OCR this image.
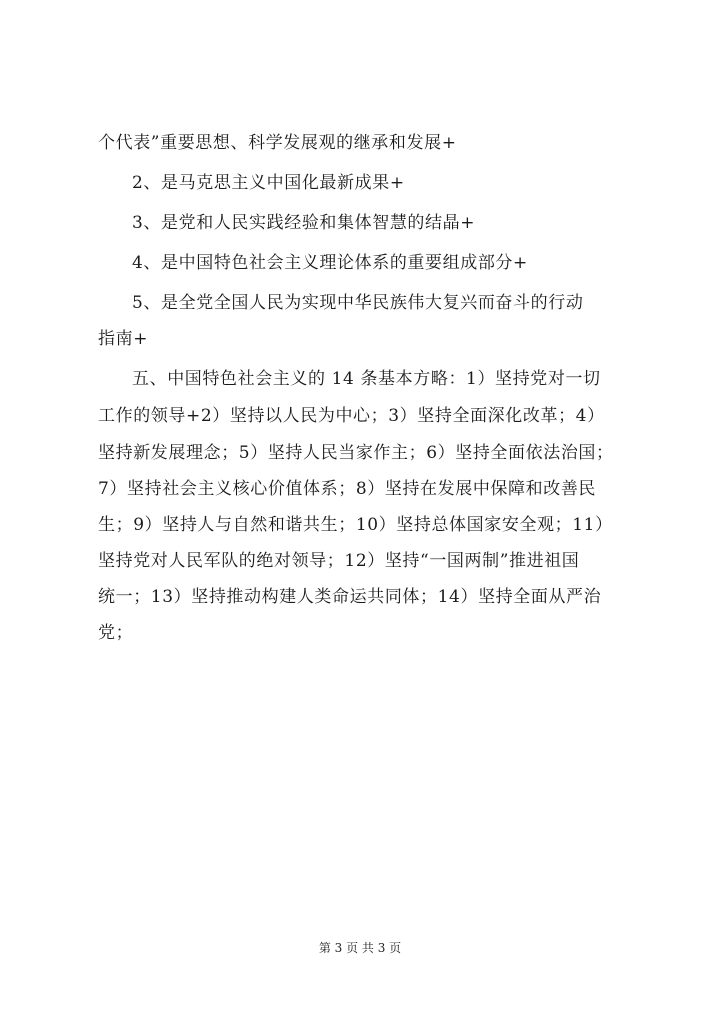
个代表”重要思想、科学发展观的继承和发展+
2、是马克思主义中国化最新成果+
3、是党和人民实践经验和集体智慧的结晶+
4、是中国特色社会主义理论体系的重要组成部分+
5、是全党全国人民为实现中华民族伟大复兴而奋斗的行动
指南+
五、中国特色社会主义的 14 条基本方略：1）坚持党对一切
工作的领导+2）坚持以人民为中心；3）坚持全面深化改革；4）
坚持新发展理念；5）坚持人民当家作主；6）坚持全面依法治国；
7）坚持社会主义核心价值体系；8）坚持在发展中保障和改善民
生；9）坚持人与自然和谐共生；10）坚持总体国家安全观；11）
坚持党对人民军队的绝对领导；12）坚持“一国两制”推进祖国
统一；13）坚持推动构建人类命运共同体；14）坚持全面从严治
党；
第 3 页 共 3 页
